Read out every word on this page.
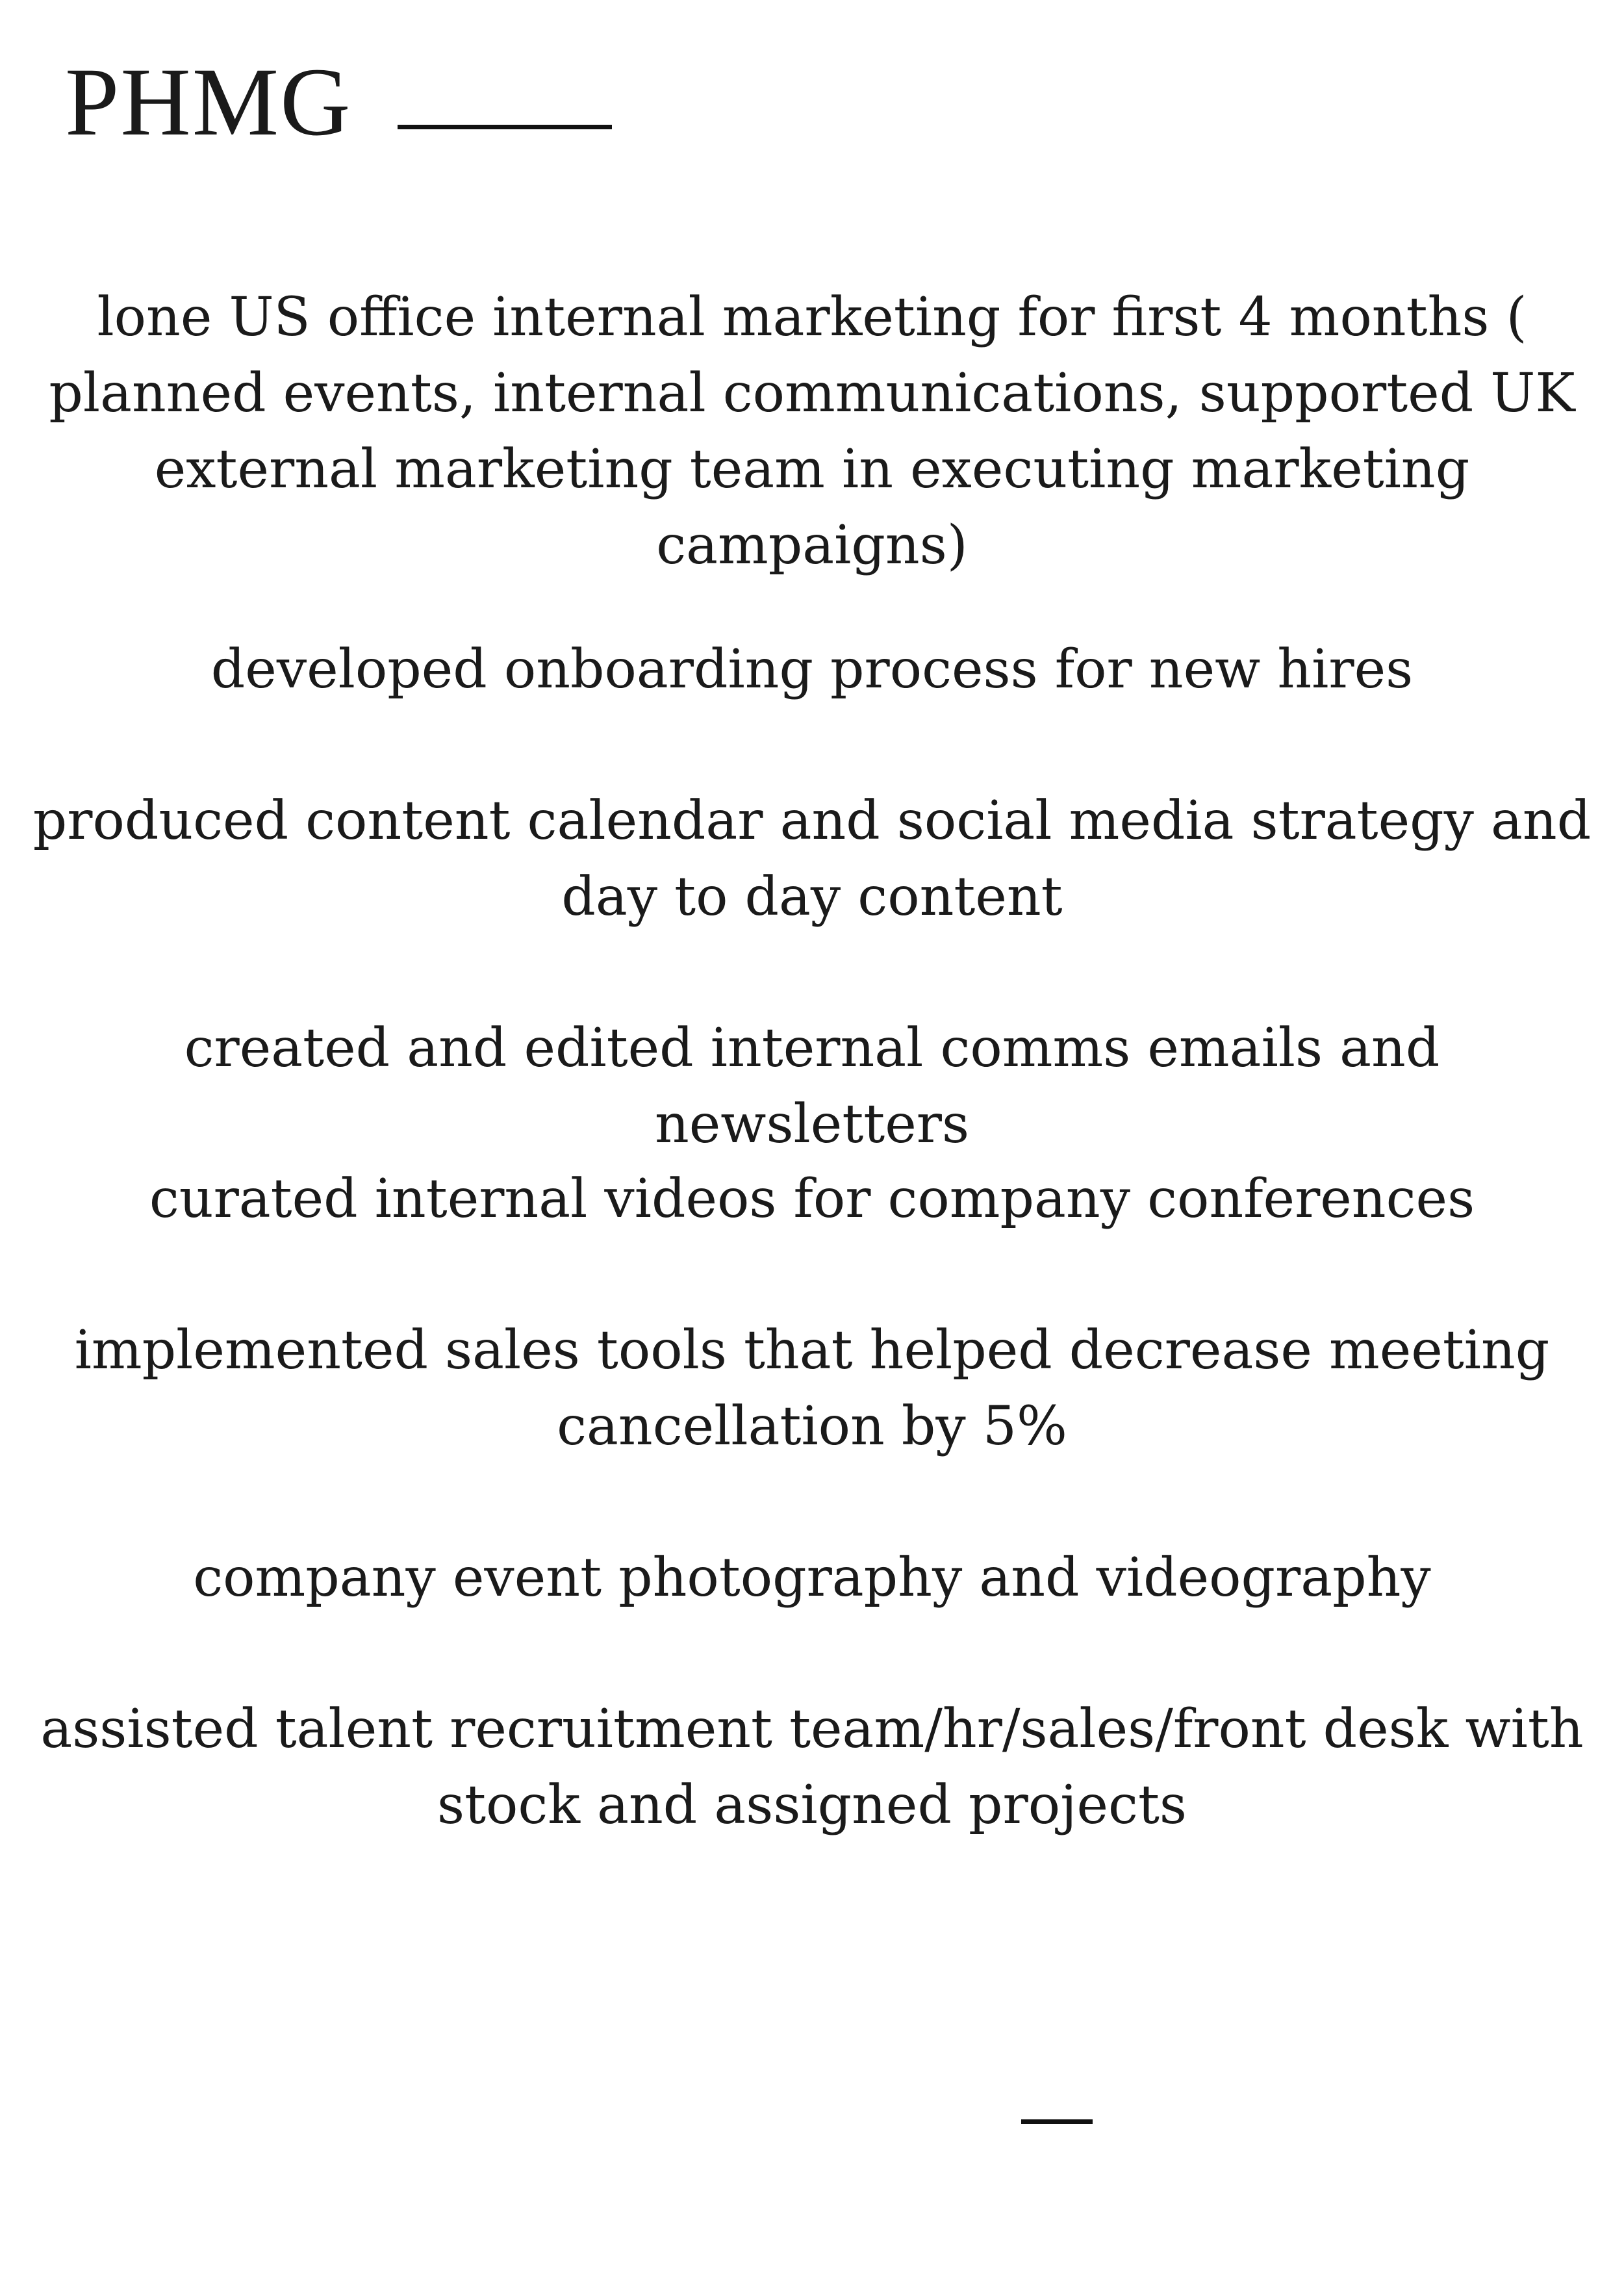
PHMG

lone US office internal marketing for first 4 months ( planned events, internal communications, supported UK external marketing team in executing marketing campaigns)

developed onboarding process for new hires

produced content calendar and social media strategy and day to day content

created and edited internal comms emails and newsletters

curated internal videos for company conferences

implemented sales tools that helped decrease meeting cancellation by 5%

company event photography and videography

assisted talent recruitment team/hr/sales/front desk with stock and assigned projects
